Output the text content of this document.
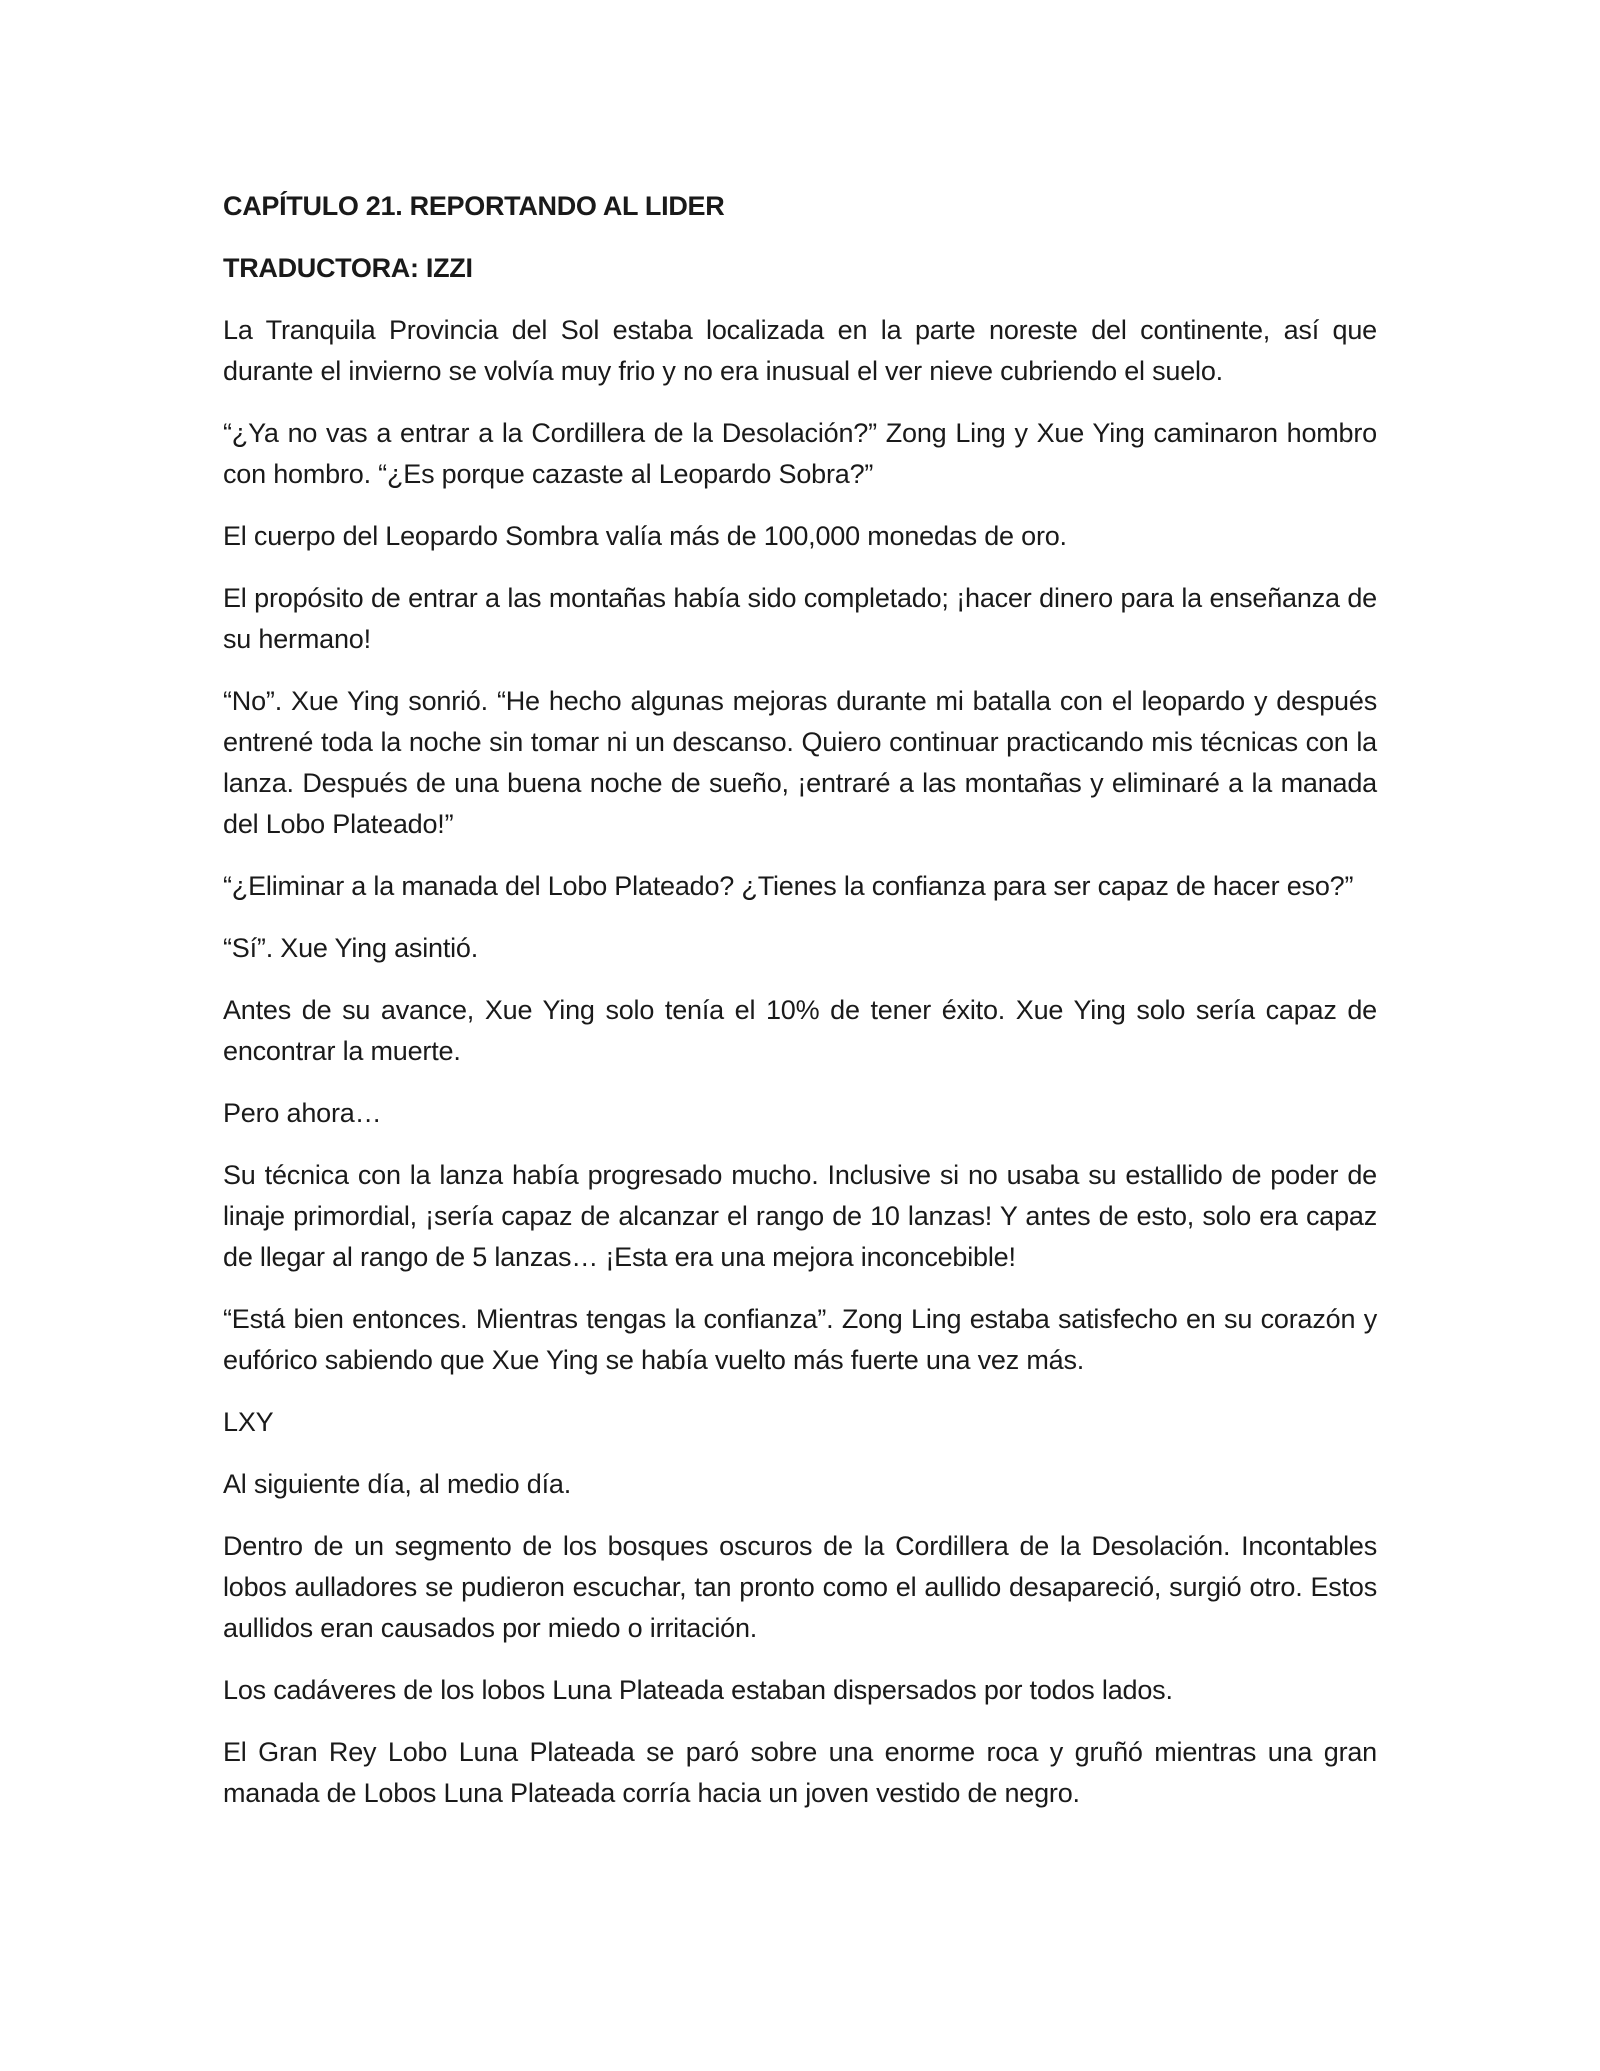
CAPÍTULO 21. REPORTANDO AL LIDER
TRADUCTORA: IZZI
La Tranquila Provincia del Sol estaba localizada en la parte noreste del continente, así que durante el invierno se volvía muy frio y no era inusual el ver nieve cubriendo el suelo.
“¿Ya no vas a entrar a la Cordillera de la Desolación?” Zong Ling y Xue Ying caminaron hombro con hombro. “¿Es porque cazaste al Leopardo Sobra?”
El cuerpo del Leopardo Sombra valía más de 100,000 monedas de oro.
El propósito de entrar a las montañas había sido completado; ¡hacer dinero para la enseñanza de su hermano!
“No”. Xue Ying sonrió. “He hecho algunas mejoras durante mi batalla con el leopardo y después entrené toda la noche sin tomar ni un descanso. Quiero continuar practicando mis técnicas con la lanza. Después de una buena noche de sueño, ¡entraré a las montañas y eliminaré a la manada del Lobo Plateado!”
“¿Eliminar a la manada del Lobo Plateado? ¿Tienes la confianza para ser capaz de hacer eso?”
“Sí”. Xue Ying asintió.
Antes de su avance, Xue Ying solo tenía el 10% de tener éxito. Xue Ying solo sería capaz de encontrar la muerte.
Pero ahora…
Su técnica con la lanza había progresado mucho. Inclusive si no usaba su estallido de poder de linaje primordial, ¡sería capaz de alcanzar el rango de 10 lanzas! Y antes de esto, solo era capaz de llegar al rango de 5 lanzas… ¡Esta era una mejora inconcebible!
“Está bien entonces. Mientras tengas la confianza”. Zong Ling estaba satisfecho en su corazón y eufórico sabiendo que Xue Ying se había vuelto más fuerte una vez más.
LXY
Al siguiente día, al medio día.
Dentro de un segmento de los bosques oscuros de la Cordillera de la Desolación. Incontables lobos aulladores se pudieron escuchar, tan pronto como el aullido desapareció, surgió otro. Estos aullidos eran causados por miedo o irritación.
Los cadáveres de los lobos Luna Plateada estaban dispersados por todos lados.
El Gran Rey Lobo Luna Plateada se paró sobre una enorme roca y gruñó mientras una gran manada de Lobos Luna Plateada corría hacia un joven vestido de negro.
